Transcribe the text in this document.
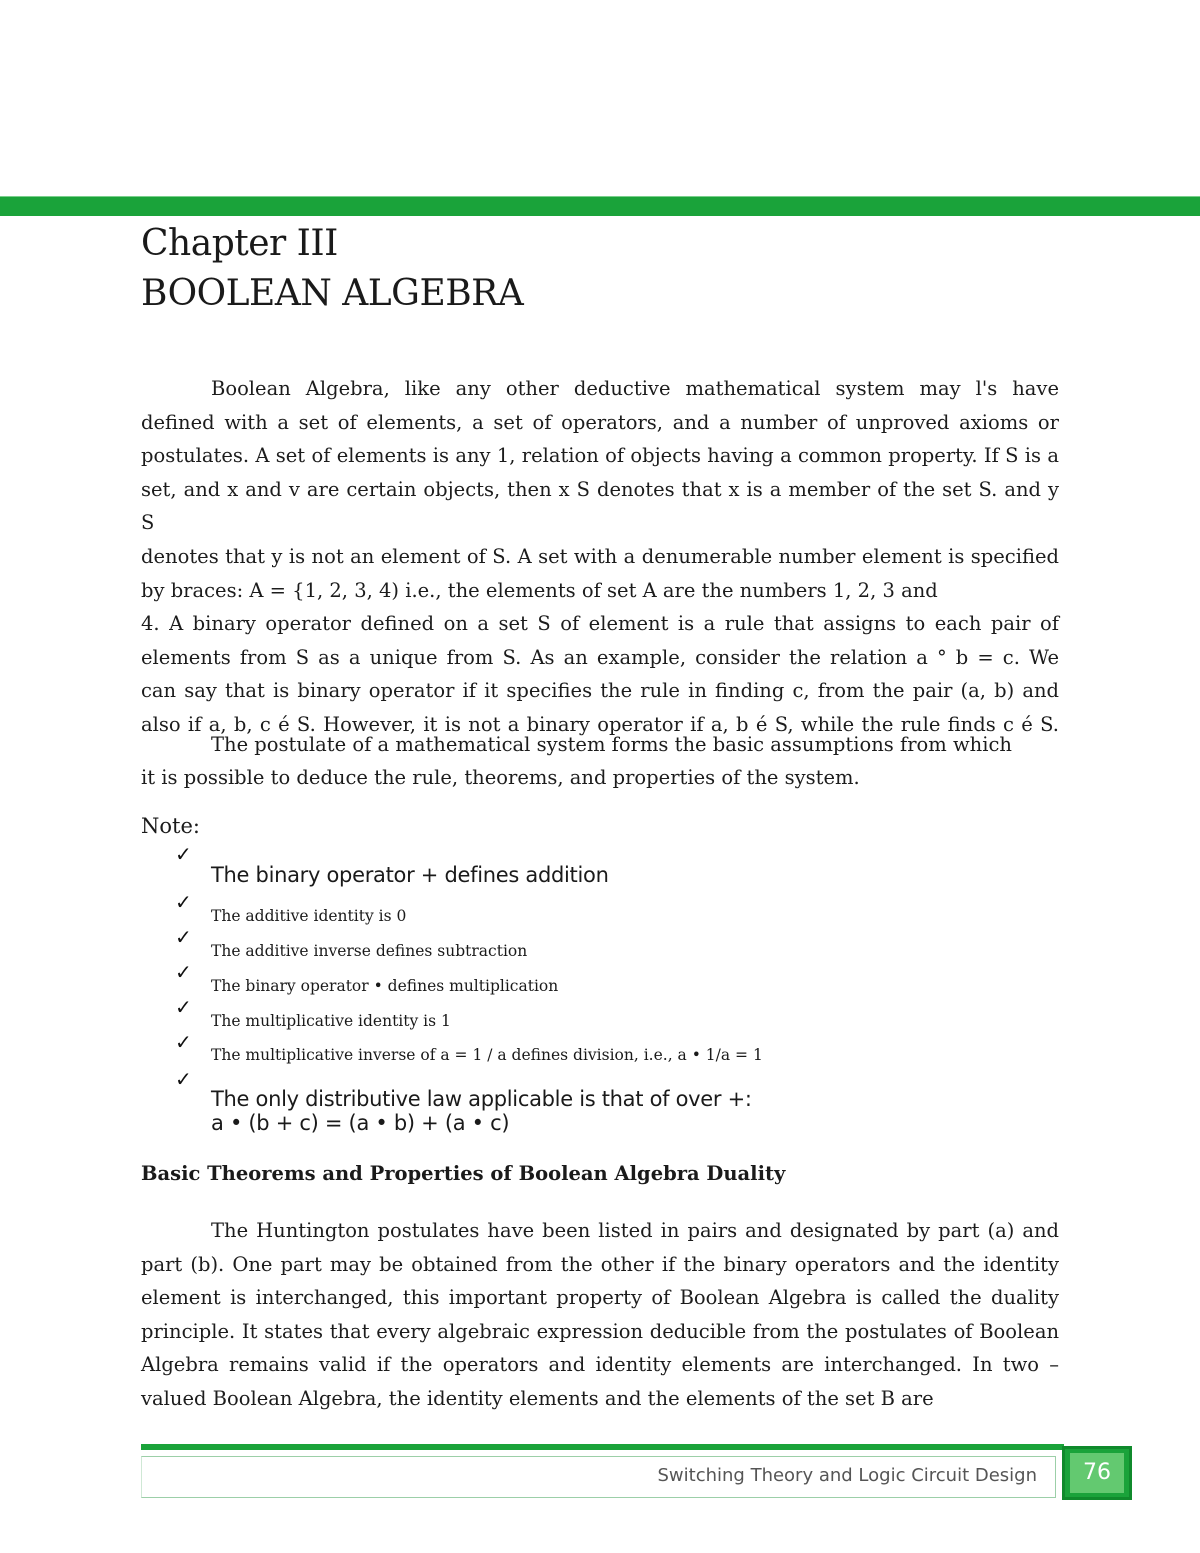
Chapter III
BOOLEAN ALGEBRA
Boolean Algebra, like any other deductive mathematical system may l's have
defined with a set of elements, a set of operators, and a number of unproved axioms or
postulates. A set of elements is any 1, relation of objects having a common property. If S is a
set, and x and v are certain objects, then x S denotes that x is a member of the set S. and y S
denotes that y is not an element of S. A set with a denumerable number element is specified
by braces: A = {1, 2, 3, 4) i.e., the elements of set A are the numbers 1, 2, 3 and
4. A binary operator defined on a set S of element is a rule that assigns to each pair of
elements from S as a unique from S. As an example, consider the relation a ° b = c. We
can say that is binary operator if it specifies the rule in finding c, from the pair (a, b) and
also if a, b, c é S. However, it is not a binary operator if a, b é S, while the rule finds c é S.
The postulate of a mathematical system forms the basic assumptions from which
it is possible to deduce the rule, theorems, and properties of the system.
Note:
✓
The binary operator + defines addition
✓
The additive identity is 0
✓
The additive inverse defines subtraction
✓
The binary operator • defines multiplication
✓
The multiplicative identity is 1
✓
The multiplicative inverse of a = 1 / a defines division, i.e., a • 1/a = 1
✓
The only distributive law applicable is that of over +:
a • (b + c) = (a • b) + (a • c)
Basic Theorems and Properties of Boolean Algebra Duality
The Huntington postulates have been listed in pairs and designated by part (a) and
part (b). One part may be obtained from the other if the binary operators and the identity
element is interchanged, this important property of Boolean Algebra is called the duality
principle. It states that every algebraic expression deducible from the postulates of Boolean
Algebra remains valid if the operators and identity elements are interchanged. In two –
valued Boolean Algebra, the identity elements and the elements of the set B are
Switching Theory and Logic Circuit Design	76
